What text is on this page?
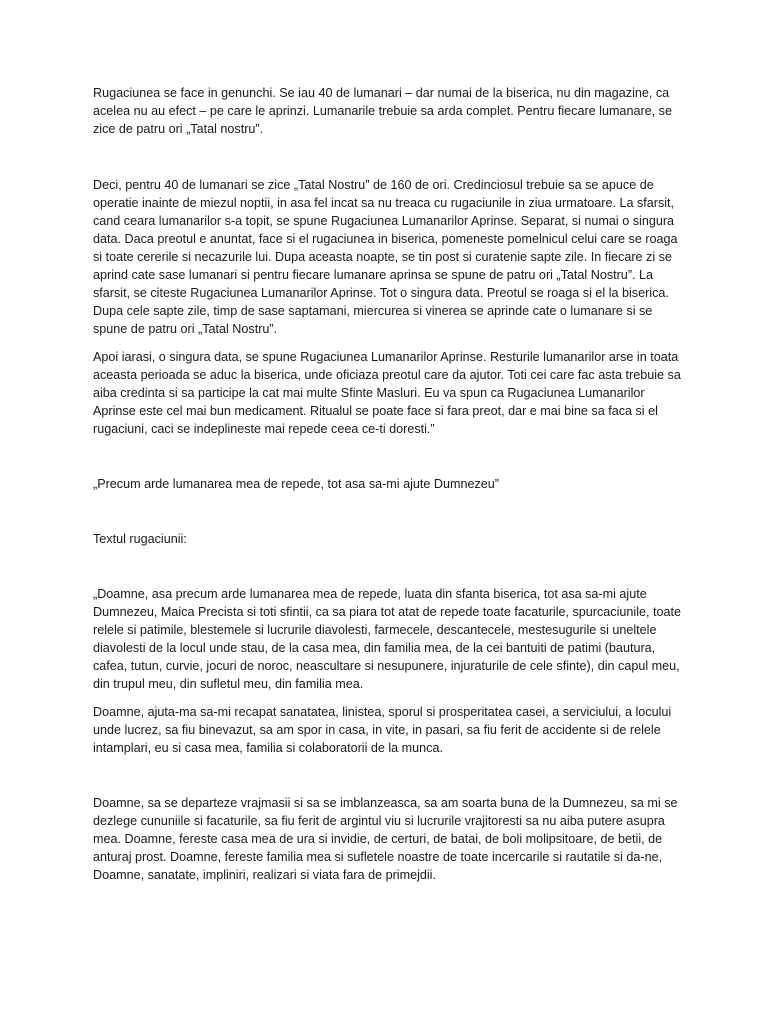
Rugaciunea se face in genunchi. Se iau 40 de lumanari – dar numai de la biserica, nu din magazine, ca acelea nu au efect – pe care le aprinzi. Lumanarile trebuie sa arda complet. Pentru fiecare lumanare, se zice de patru ori „Tatal nostru”.

Deci, pentru 40 de lumanari se zice „Tatal Nostru” de 160 de ori. Credinciosul trebuie sa se apuce de operatie inainte de miezul noptii, in asa fel incat sa nu treaca cu rugaciunile in ziua urmatoare. La sfarsit, cand ceara lumanarilor s-a topit, se spune Rugaciunea Lumanarilor Aprinse. Separat, si numai o singura data. Daca preotul e anuntat, face si el rugaciunea in biserica, pomeneste pomelnicul celui care se roaga si toate cererile si necazurile lui. Dupa aceasta noapte, se tin post si curatenie sapte zile. In fiecare zi se aprind cate sase lumanari si pentru fiecare lumanare aprinsa se spune de patru ori „Tatal Nostru”. La sfarsit, se citeste Rugaciunea Lumanarilor Aprinse. Tot o singura data. Preotul se roaga si el la biserica. Dupa cele sapte zile, timp de sase saptamani, miercurea si vinerea se aprinde cate o lumanare si se spune de patru ori „Tatal Nostru”.

Apoi iarasi, o singura data, se spune Rugaciunea Lumanarilor Aprinse. Resturile lumanarilor arse in toata aceasta perioada se aduc la biserica, unde oficiaza preotul care da ajutor. Toti cei care fac asta trebuie sa aiba credinta si sa participe la cat mai multe Sfinte Masluri. Eu va spun ca Rugaciunea Lumanarilor Aprinse este cel mai bun medicament. Ritualul se poate face si fara preot, dar e mai bine sa faca si el rugaciuni, caci se indeplineste mai repede ceea ce-ti doresti.”

„Precum arde lumanarea mea de repede, tot asa sa-mi ajute Dumnezeu”

Textul rugaciunii:

„Doamne, asa precum arde lumanarea mea de repede, luata din sfanta biserica, tot asa sa-mi ajute Dumnezeu, Maica Precista si toti sfintii, ca sa piara tot atat de repede toate facaturile, spurcaciunile, toate relele si patimile, blestemele si lucrurile diavolesti, farmecele, descantecele, mestesugurile si uneltele diavolesti de la locul unde stau, de la casa mea, din familia mea, de la cei bantuiti de patimi (bautura, cafea, tutun, curvie, jocuri de noroc, neascultare si nesupunere, injuraturile de cele sfinte), din capul meu, din trupul meu, din sufletul meu, din familia mea.

Doamne, ajuta-ma sa-mi recapat sanatatea, linistea, sporul si prosperitatea casei, a serviciului, a locului unde lucrez, sa fiu binevazut, sa am spor in casa, in vite, in pasari, sa fiu ferit de accidente si de relele intamplari, eu si casa mea, familia si colaboratorii de la munca.

Doamne, sa se departeze vrajmasii si sa se imblanzeasca, sa am soarta buna de la Dumnezeu, sa mi se dezlege cununiile si facaturile, sa fiu ferit de argintul viu si lucrurile vrajitoresti sa nu aiba putere asupra mea. Doamne, fereste casa mea de ura si invidie, de certuri, de batai, de boli molipsitoare, de betii, de anturaj prost. Doamne, fereste familia mea si sufletele noastre de toate incercarile si rautatile si da-ne, Doamne, sanatate, impliniri, realizari si viata fara de primejdii.
